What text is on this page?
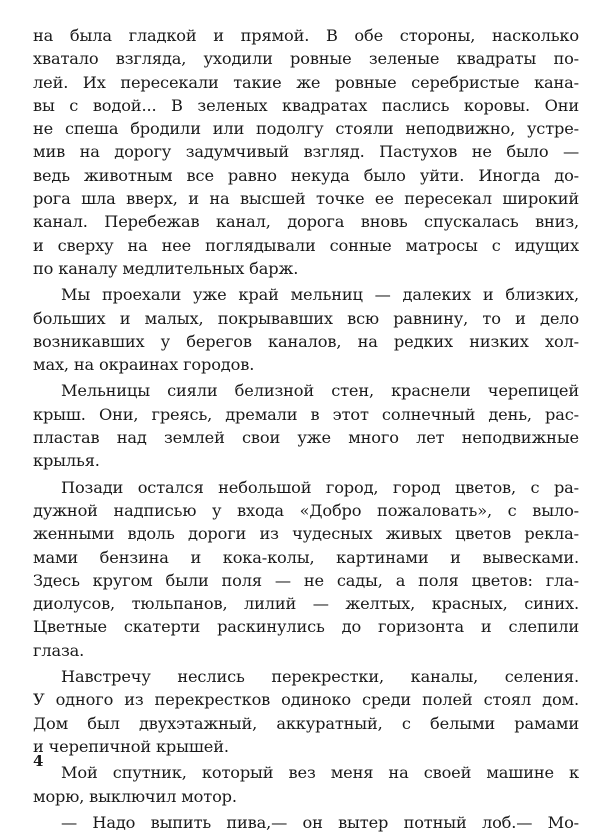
на была гладкой и прямой. В обе стороны, насколько
хватало взгляда, уходили ровные зеленые квадраты по-
лей. Их пересекали такие же ровные серебристые кана-
вы с водой... В зеленых квадратах паслись коровы. Они
не спеша бродили или подолгу стояли неподвижно, устре-
мив на дорогу задумчивый взгляд. Пастухов не было —
ведь животным все равно некуда было уйти. Иногда до-
рога шла вверх, и на высшей точке ее пересекал широкий
канал. Перебежав канал, дорога вновь спускалась вниз,
и сверху на нее поглядывали сонные матросы с идущих
по каналу медлительных барж.
Мы проехали уже край мельниц — далеких и близких,
больших и малых, покрывавших всю равнину, то и дело
возникавших у берегов каналов, на редких низких хол-
мах, на окраинах городов.
Мельницы сияли белизной стен, краснели черепицей
крыш. Они, греясь, дремали в этот солнечный день, рас-
пластав над землей свои уже много лет неподвижные
крылья.
Позади остался небольшой город, город цветов, с ра-
дужной надписью у входа «Добро пожаловать», с выло-
женными вдоль дороги из чудесных живых цветов рекла-
мами бензина и кока-колы, картинами и вывесками.
Здесь кругом были поля — не сады, а поля цветов: гла-
диолусов, тюльпанов, лилий — желтых, красных, синих.
Цветные скатерти раскинулись до горизонта и слепили
глаза.
Навстречу неслись перекрестки, каналы, селения.
У одного из перекрестков одиноко среди полей стоял дом.
Дом был двухэтажный, аккуратный, с белыми рамами
и черепичной крышей.
Мой спутник, который вез меня на своей машине к
морю, выключил мотор.
— Надо выпить пива,— он вытер потный лоб.— Мо-
4
